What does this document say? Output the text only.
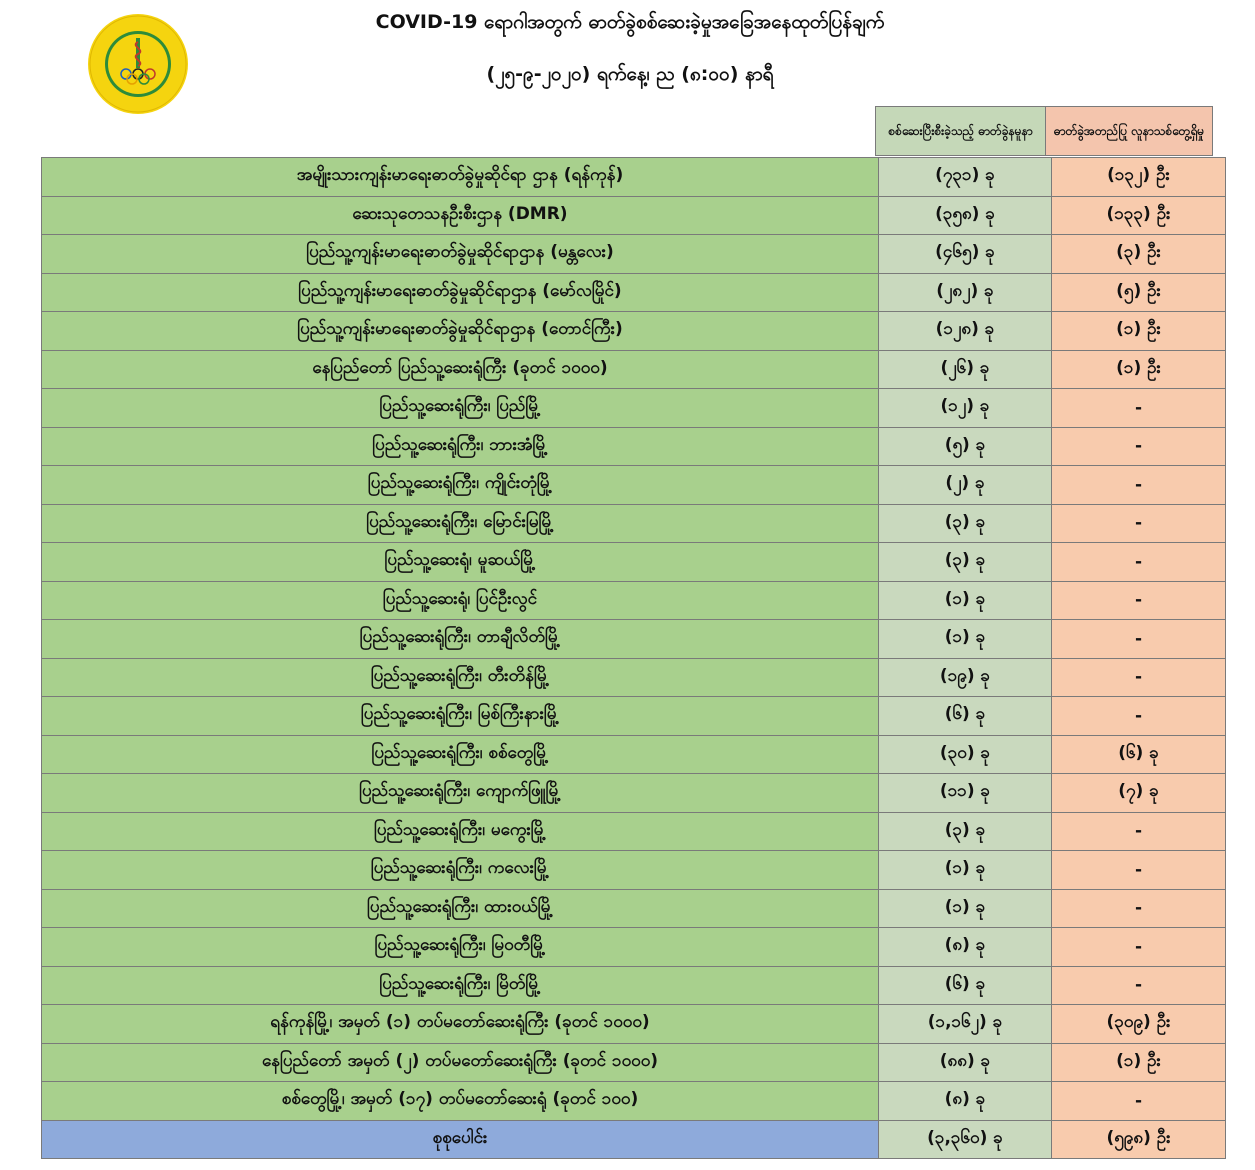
COVID-19 ရောဂါအတွက် ဓာတ်ခွဲစစ်ဆေးခဲ့မှုအခြေအနေထုတ်ပြန်ချက်
(၂၅-၉-၂၀၂၀) ရက်နေ့၊ ည (၈:၀၀) နာရီ
စစ်ဆေးပြီးစီးခဲ့သည့် ဓာတ်ခွဲနမူနာ	ဓာတ်ခွဲအတည်ပြု လူနာသစ်တွေ့ရှိမှု
အမျိုးသားကျန်းမာရေးဓာတ်ခွဲမှုဆိုင်ရာ ဌာန (ရန်ကုန်)	(၇၃၁) ခု	(၁၃၂) ဦး
ဆေးသုတေသနဦးစီးဌာန (DMR)	(၃၅၈) ခု	(၁၃၃) ဦး
ပြည်သူ့ကျန်းမာရေးဓာတ်ခွဲမှုဆိုင်ရာဌာန (မန္တလေး)	(၄၆၅) ခု	(၃) ဦး
ပြည်သူ့ကျန်းမာရေးဓာတ်ခွဲမှုဆိုင်ရာဌာန (မော်လမြိုင်)	(၂၈၂) ခု	(၅) ဦး
ပြည်သူ့ကျန်းမာရေးဓာတ်ခွဲမှုဆိုင်ရာဌာန (တောင်ကြီး)	(၁၂၈) ခု	(၁) ဦး
နေပြည်တော် ပြည်သူ့ဆေးရုံကြီး (ခုတင် ၁၀၀၀)	(၂၆) ခု	(၁) ဦး
ပြည်သူ့ဆေးရုံကြီး၊ ပြည်မြို့	(၁၂) ခု	-
ပြည်သူ့ဆေးရုံကြီး၊ ဘားအံမြို့	(၅) ခု	-
ပြည်သူ့ဆေးရုံကြီး၊ ကျိုင်းတုံမြို့	(၂) ခု	-
ပြည်သူ့ဆေးရုံကြီး၊ မြောင်းမြမြို့	(၃) ခု	-
ပြည်သူ့ဆေးရုံ၊ မူဆယ်မြို့	(၃) ခု	-
ပြည်သူ့ဆေးရုံ၊ ပြင်ဦးလွင်	(၁) ခု	-
ပြည်သူ့ဆေးရုံကြီး၊ တာချီလိတ်မြို့	(၁) ခု	-
ပြည်သူ့ဆေးရုံကြီး၊ တီးတိန်မြို့	(၁၉) ခု	-
ပြည်သူ့ဆေးရုံကြီး၊ မြစ်ကြီးနားမြို့	(၆) ခု	-
ပြည်သူ့ဆေးရုံကြီး၊ စစ်တွေမြို့	(၃၀) ခု	(၆) ခု
ပြည်သူ့ဆေးရုံကြီး၊ ကျောက်ဖြူမြို့	(၁၁) ခု	(၇) ခု
ပြည်သူ့ဆေးရုံကြီး၊ မကွေးမြို့	(၃) ခု	-
ပြည်သူ့ဆေးရုံကြီး၊ ကလေးမြို့	(၁) ခု	-
ပြည်သူ့ဆေးရုံကြီး၊ ထားဝယ်မြို့	(၁) ခု	-
ပြည်သူ့ဆေးရုံကြီး၊ မြဝတီမြို့	(၈) ခု	-
ပြည်သူ့ဆေးရုံကြီး၊ မြိတ်မြို့	(၆) ခု	-
ရန်ကုန်မြို့၊ အမှတ် (၁) တပ်မတော်ဆေးရုံကြီး (ခုတင် ၁၀၀၀)	(၁,၁၆၂) ခု	(၃၀၉) ဦး
နေပြည်တော် အမှတ် (၂) တပ်မတော်ဆေးရုံကြီး (ခုတင် ၁၀၀၀)	(၈၈) ခု	(၁) ဦး
စစ်တွေမြို့၊ အမှတ် (၁၇) တပ်မတော်ဆေးရုံ (ခုတင် ၁၀၀)	(၈) ခု	-
စုစုပေါင်း	(၃,၃၆၀) ခု	(၅၉၈) ဦး
